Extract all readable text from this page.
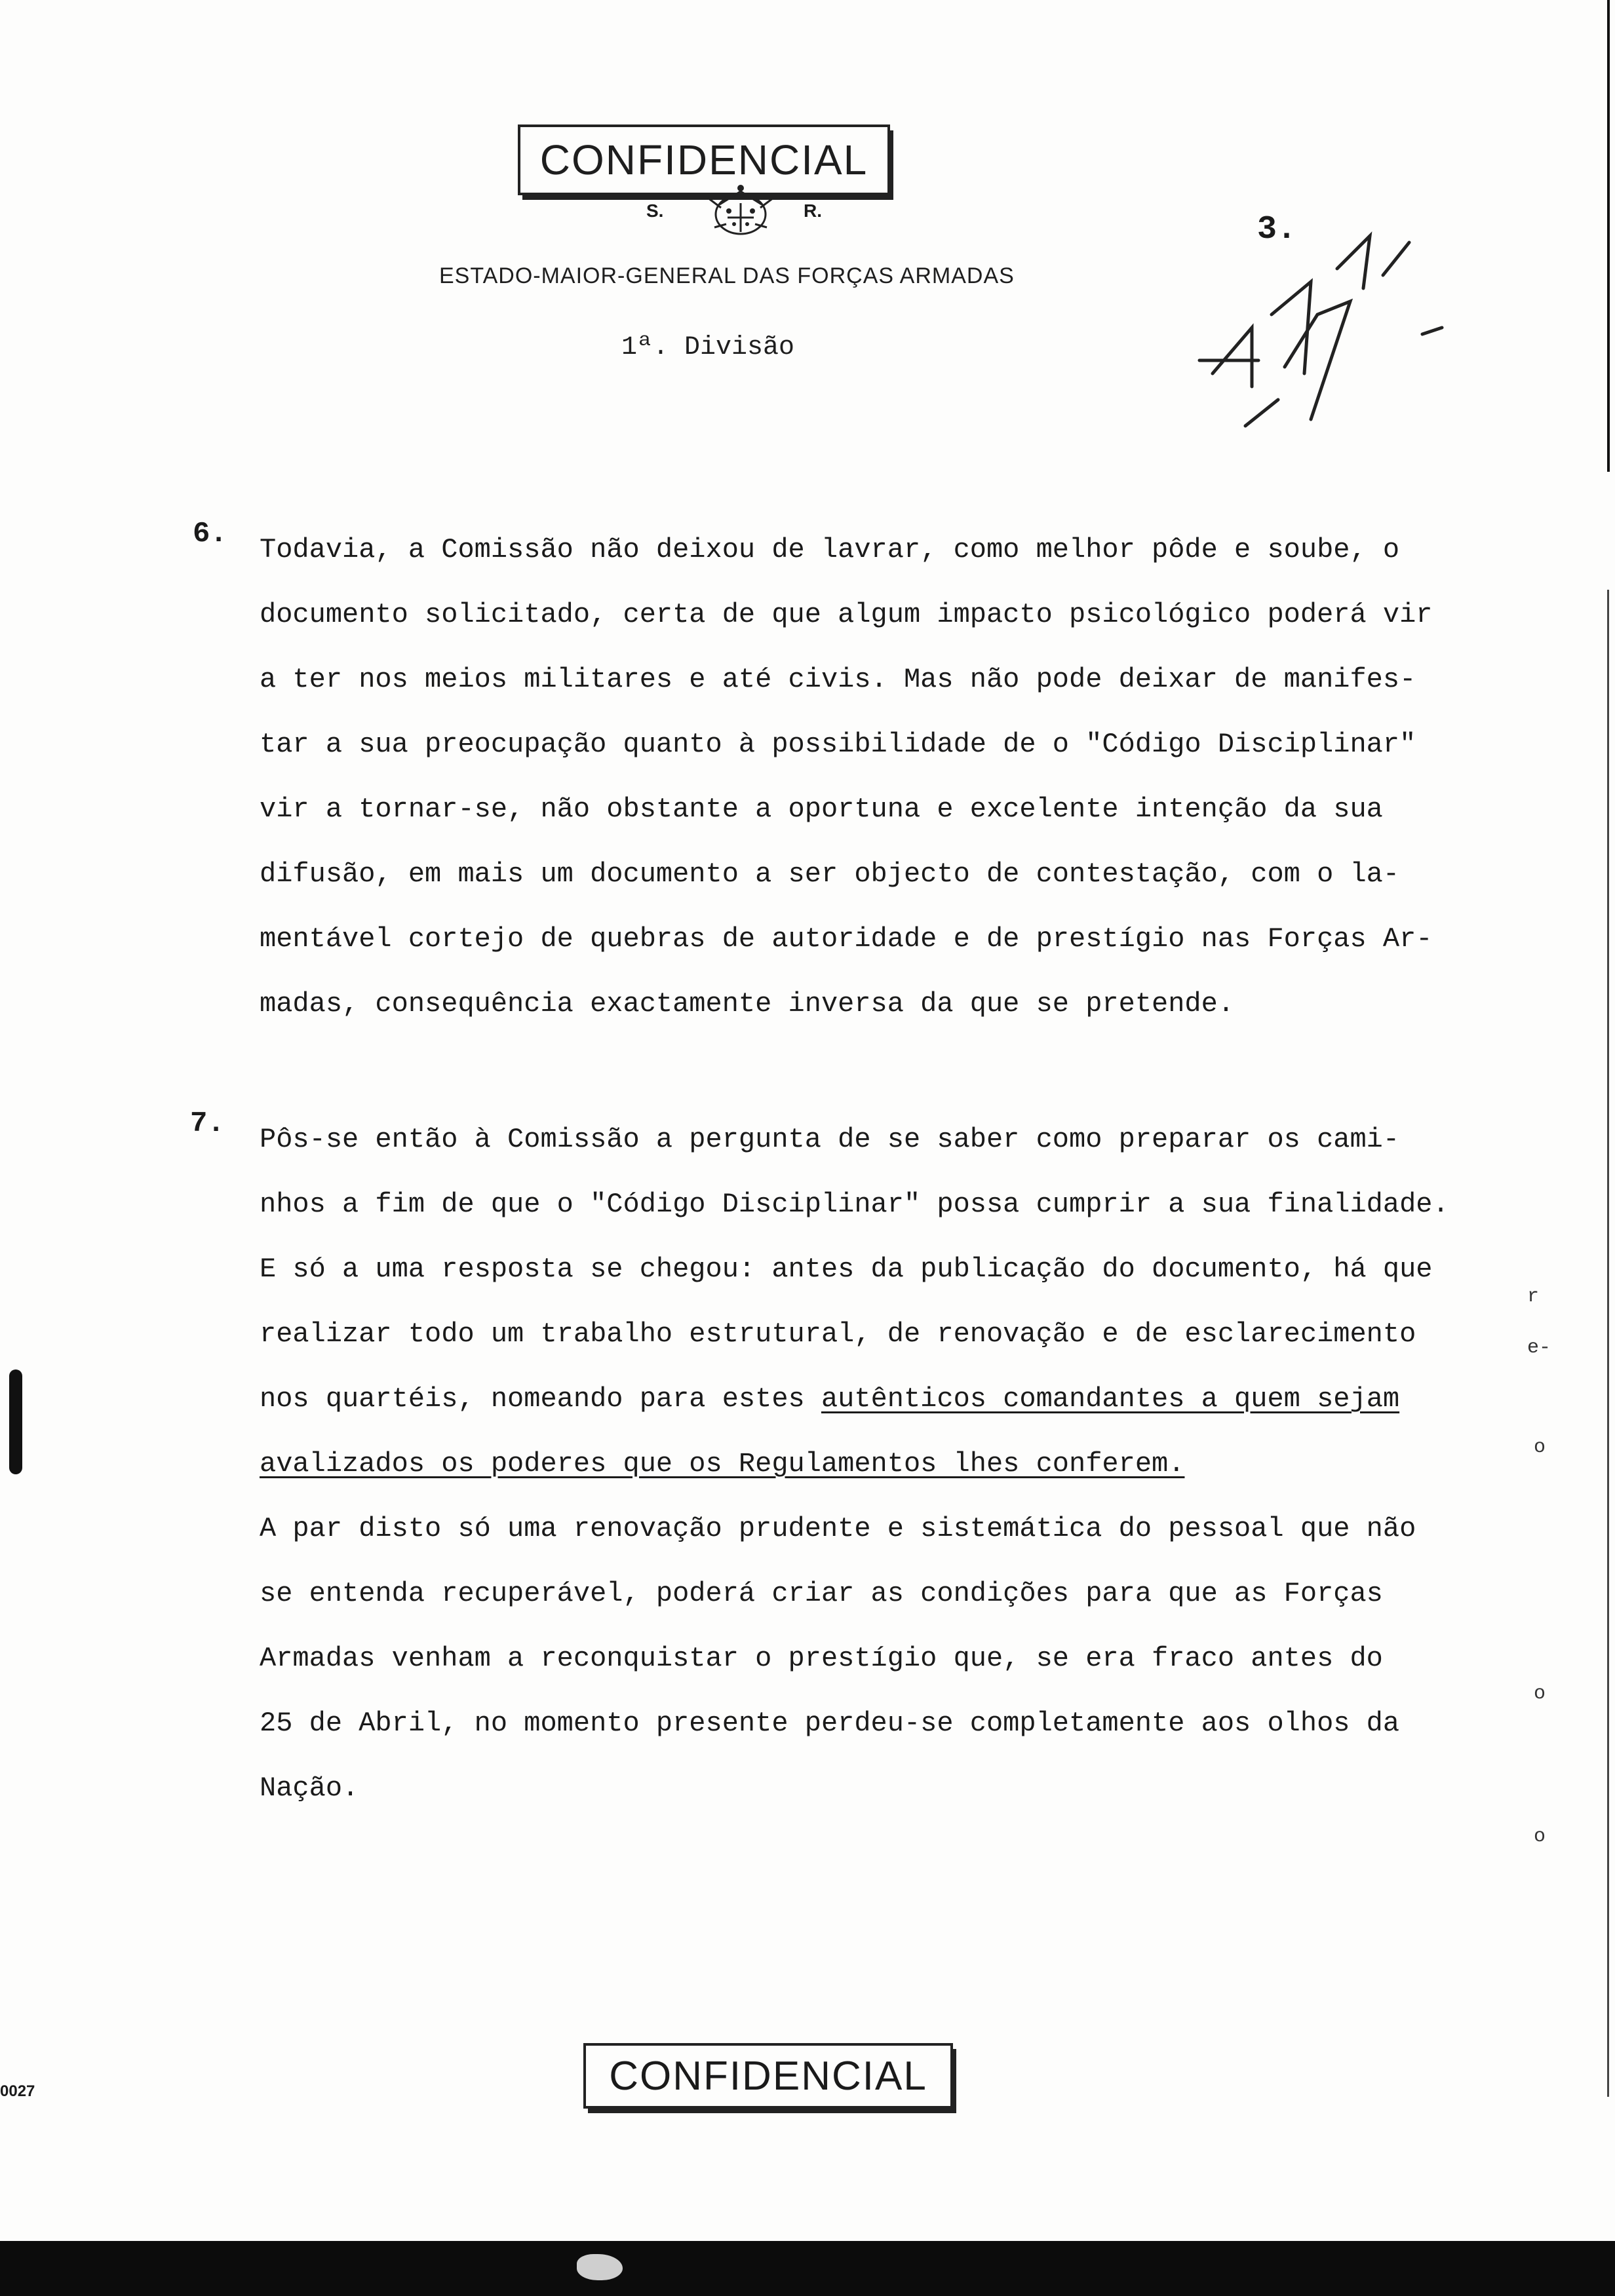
CONFIDENCIAL
S.	R.
ESTADO-MAIOR-GENERAL DAS FORÇAS ARMADAS
1ª. Divisão
3.
6. Todavia, a Comissão não deixou de lavrar, como melhor pôde e soube, o
documento solicitado, certa de que algum impacto psicológico poderá vir
a ter nos meios militares e até civis. Mas não pode deixar de manifes-
tar a sua preocupação quanto à possibilidade de o "Código Disciplinar"
vir a tornar-se, não obstante a oportuna e excelente intenção da sua
difusão, em mais um documento a ser objecto de contestação, com o la-
mentável cortejo de quebras de autoridade e de prestígio nas Forças Ar-
madas, consequência exactamente inversa da que se pretende.
7. Pôs-se então à Comissão a pergunta de se saber como preparar os cami-
nhos a fim de que o "Código Disciplinar" possa cumprir a sua finalidade.
E só a uma resposta se chegou: antes da publicação do documento, há que
realizar todo um trabalho estrutural, de renovação e de esclarecimento
nos quartéis, nomeando para estes autênticos comandantes a quem sejam
avalizados os poderes que os Regulamentos lhes conferem.
A par disto só uma renovação prudente e sistemática do pessoal que não
se entenda recuperável, poderá criar as condições para que as Forças
Armadas venham a reconquistar o prestígio que, se era fraco antes do
25 de Abril, no momento presente perdeu-se completamente aos olhos da
Nação.
r
e-
o
o
o
CONFIDENCIAL
0027
